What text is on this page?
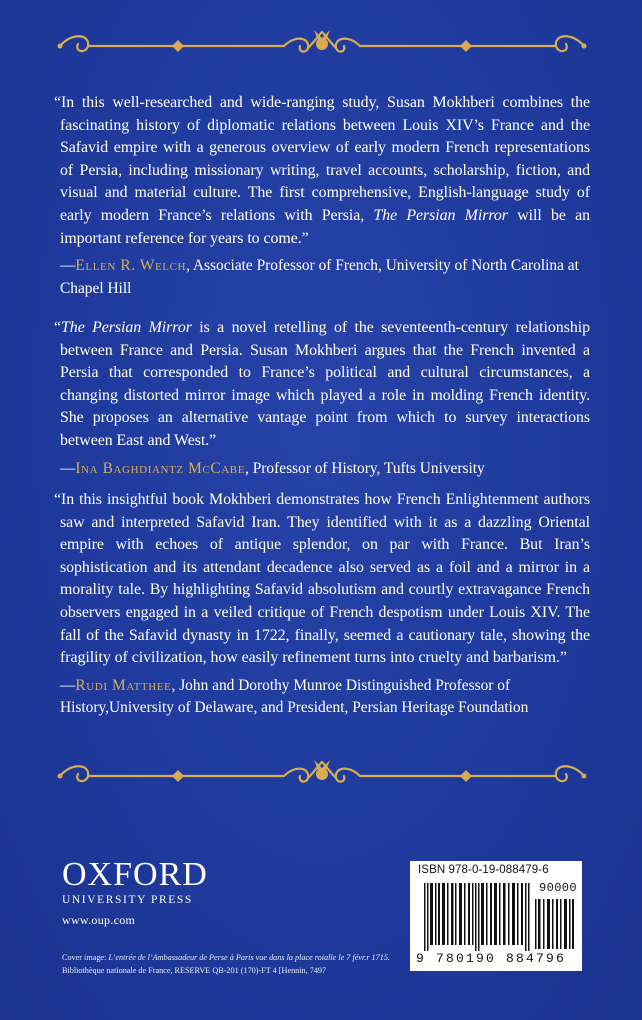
“In this well-researched and wide-ranging study, Susan Mokhberi combines the fascinating history of diplomatic relations between Louis XIV’s France and the Safavid empire with a generous overview of early modern French representations of Persia, including missionary writing, travel accounts, scholarship, fiction, and visual and material culture. The first comprehensive, English-language study of early modern France’s relations with Persia, The Persian Mirror will be an important reference for years to come.”

—Ellen R. Welch, Associate Professor of French, University of North Carolina at Chapel Hill

“The Persian Mirror is a novel retelling of the seventeenth-century relationship between France and Persia. Susan Mokhberi argues that the French invented a Persia that corresponded to France’s political and cultural circumstances, a changing distorted mirror image which played a role in molding French identity. She proposes an alternative vantage point from which to survey interactions between East and West.”

—Ina Baghdiantz McCabe, Professor of History, Tufts University

“In this insightful book Mokhberi demonstrates how French Enlightenment authors saw and interpreted Safavid Iran. They identified with it as a dazzling Oriental empire with echoes of antique splendor, on par with France. But Iran’s sophistication and its attendant decadence also served as a foil and a mirror in a morality tale. By highlighting Safavid absolutism and courtly extravagance French observers engaged in a veiled critique of French despotism under Louis XIV. The fall of the Safavid dynasty in 1722, finally, seemed a cautionary tale, showing the fragility of civilization, how easily refinement turns into cruelty and barbarism.”

—Rudi Matthee, John and Dorothy Munroe Distinguished Professor of History,University of Delaware, and President, Persian Heritage Foundation

OXFORD
UNIVERSITY PRESS
www.oup.com
Cover image: L’entrée de l’Ambassadeur de Perse à Paris vue dans la place roialle le 7 févr.r 1715.
Bibliothèque nationale de France, RESERVE QB-201 (170)-FT 4 [Hennin, 7497
ISBN 978-0-19-088479-6
90000
9 780190 884796
